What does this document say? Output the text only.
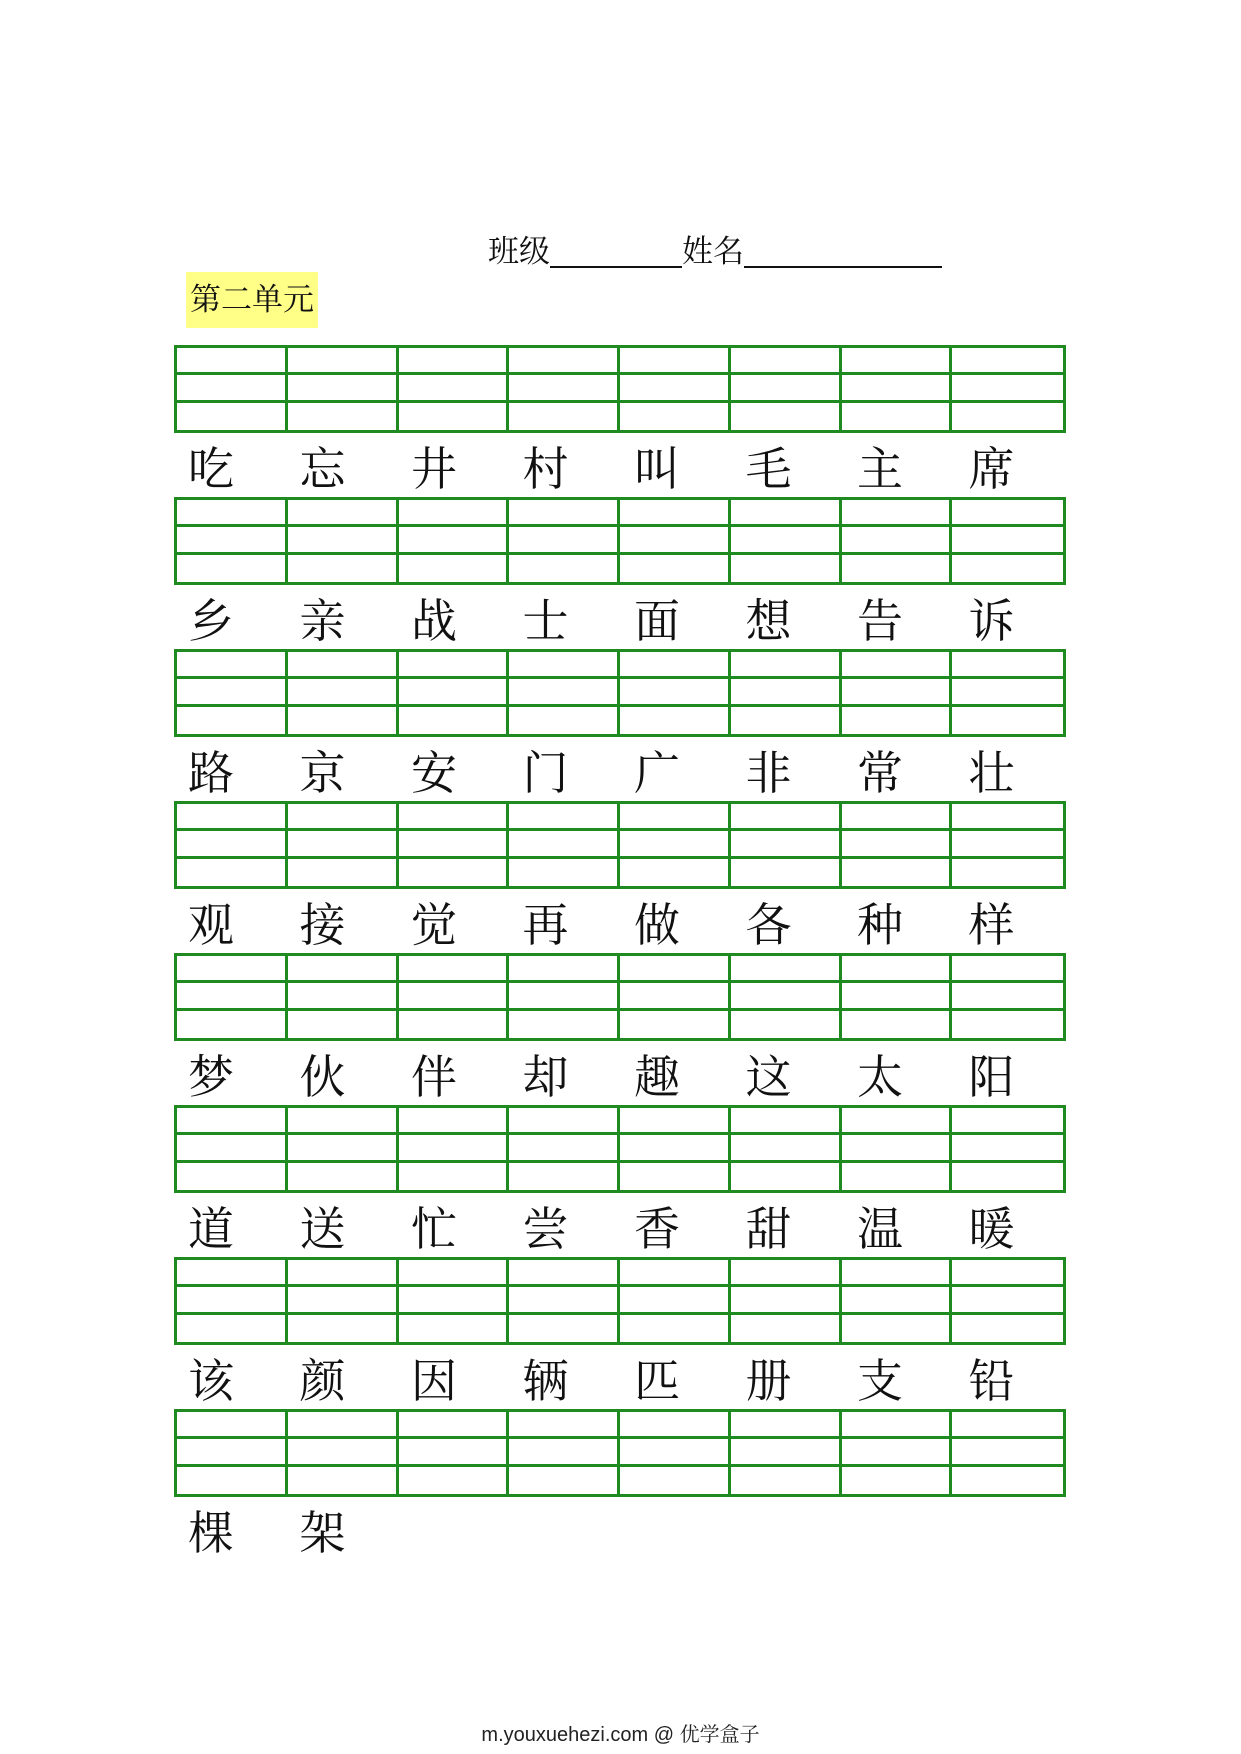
班级	姓名
第二单元
吃	忘	井	村	叫	毛	主	席
乡	亲	战	士	面	想	告	诉
路	京	安	门	广	非	常	壮
观	接	觉	再	做	各	种	样
梦	伙	伴	却	趣	这	太	阳
道	送	忙	尝	香	甜	温	暖
该	颜	因	辆	匹	册	支	铅
棵	架
m.youxuehezi.com @ 优学盒子
